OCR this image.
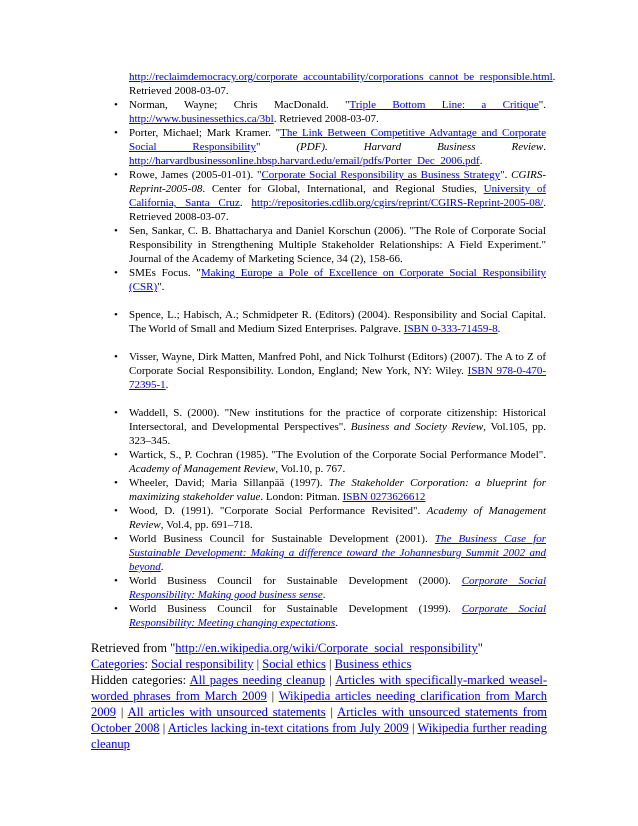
http://reclaimdemocracy.org/corporate_accountability/corporations_cannot_be_responsible.html. Retrieved 2008-03-07.
• Norman, Wayne; Chris MacDonald. "Triple Bottom Line: a Critique". http://www.businessethics.ca/3bl. Retrieved 2008-03-07.
• Porter, Michael; Mark Kramer. "The Link Between Competitive Advantage and Corporate Social Responsibility" (PDF). Harvard Business Review. http://harvardbusinessonline.hbsp.harvard.edu/email/pdfs/Porter_Dec_2006.pdf.
• Rowe, James (2005-01-01). "Corporate Social Responsibility as Business Strategy". CGIRS-Reprint-2005-08. Center for Global, International, and Regional Studies, University of California, Santa Cruz. http://repositories.cdlib.org/cgirs/reprint/CGIRS-Reprint-2005-08/. Retrieved 2008-03-07.
• Sen, Sankar, C. B. Bhattacharya and Daniel Korschun (2006). "The Role of Corporate Social Responsibility in Strengthening Multiple Stakeholder Relationships: A Field Experiment." Journal of the Academy of Marketing Science, 34 (2), 158-66.
• SMEs Focus. "Making Europe a Pole of Excellence on Corporate Social Responsibility (CSR)".
• Spence, L.; Habisch, A.; Schmidpeter R. (Editors) (2004). Responsibility and Social Capital. The World of Small and Medium Sized Enterprises. Palgrave. ISBN 0-333-71459-8.
• Visser, Wayne, Dirk Matten, Manfred Pohl, and Nick Tolhurst (Editors) (2007). The A to Z of Corporate Social Responsibility. London, England; New York, NY: Wiley. ISBN 978-0-470-72395-1.
• Waddell, S. (2000). "New institutions for the practice of corporate citizenship: Historical Intersectoral, and Developmental Perspectives". Business and Society Review, Vol.105, pp. 323–345.
• Wartick, S., P. Cochran (1985). "The Evolution of the Corporate Social Performance Model". Academy of Management Review, Vol.10, p. 767.
• Wheeler, David; Maria Sillanpää (1997). The Stakeholder Corporation: a blueprint for maximizing stakeholder value. London: Pitman. ISBN 0273626612
• Wood, D. (1991). "Corporate Social Performance Revisited". Academy of Management Review, Vol.4, pp. 691–718.
• World Business Council for Sustainable Development (2001). The Business Case for Sustainable Development: Making a difference toward the Johannesburg Summit 2002 and beyond.
• World Business Council for Sustainable Development (2000). Corporate Social Responsibility: Making good business sense.
• World Business Council for Sustainable Development (1999). Corporate Social Responsibility: Meeting changing expectations.
Retrieved from "http://en.wikipedia.org/wiki/Corporate_social_responsibility"
Categories: Social responsibility | Social ethics | Business ethics
Hidden categories: All pages needing cleanup | Articles with specifically-marked weasel-worded phrases from March 2009 | Wikipedia articles needing clarification from March 2009 | All articles with unsourced statements | Articles with unsourced statements from October 2008 | Articles lacking in-text citations from July 2009 | Wikipedia further reading cleanup
